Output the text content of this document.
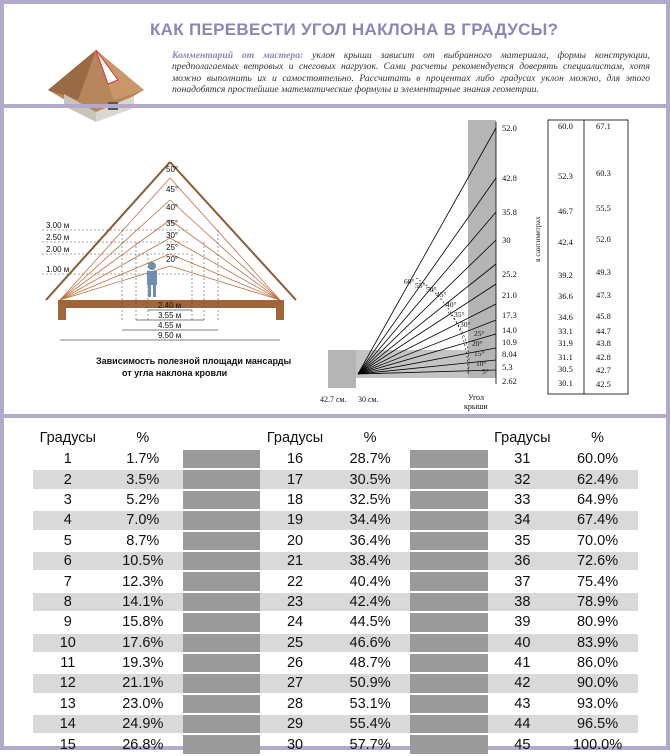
КАК ПЕРЕВЕСТИ УГОЛ НАКЛОНА В ГРАДУСЫ?
Комментарий от мастера: уклон крыши зависит от выбранного материала, формы конструкции, предполагаемых ветровых и снеговых нагрузок. Сами расчеты рекомендуется доверять специалистам, хотя можно выполнить их и самостоятельно. Рассчитать в процентах либо градусах уклон можно, для этого понадобятся простейшие математические формулы и элементарные знания геометрии.
50°
45°
40°
35°
30°
25°
20°
3.00 м
2.50 м
2.00 м
1.00 м
2.40 м
3.55 м
4.55 м
9.50 м
Зависимость полезной площади мансарды
от угла наклона кровли
52.0
42.8
35.8
30
25.2
21.0
17.3
14.0
10.9
8.04
5.3
2.62
в сантиметрах
60.0
52.3
46.7
42.4
39.2
36.6
34.6
33.1
31.9
31.1
30.5
30.1
67.1
60.3
55.5
52.0
49.3
47.3
45.8
44.7
43.8
42.8
42.7
42.5
60° 55° 50°
45°
40°
35°
30°
25°
20°
15°
10°
5°
42.7 см. 30 см.	Угол
крыши
Градусы	%		Градусы	%		Градусы	%
1	1.7%		16	28.7%		31	60.0%
2	3.5%		17	30.5%		32	62.4%
3	5.2%		18	32.5%		33	64.9%
4	7.0%		19	34.4%		34	67.4%
5	8.7%		20	36.4%		35	70.0%
6	10.5%		21	38.4%		36	72.6%
7	12.3%		22	40.4%		37	75.4%
8	14.1%		23	42.4%		38	78.9%
9	15.8%		24	44.5%		39	80.9%
10	17.6%		25	46.6%		40	83.9%
11	19.3%		26	48.7%		41	86.0%
12	21.1%		27	50.9%		42	90.0%
13	23.0%		28	53.1%		43	93.0%
14	24.9%		29	55.4%		44	96.5%
15	26.8%		30	57.7%		45	100.0%
